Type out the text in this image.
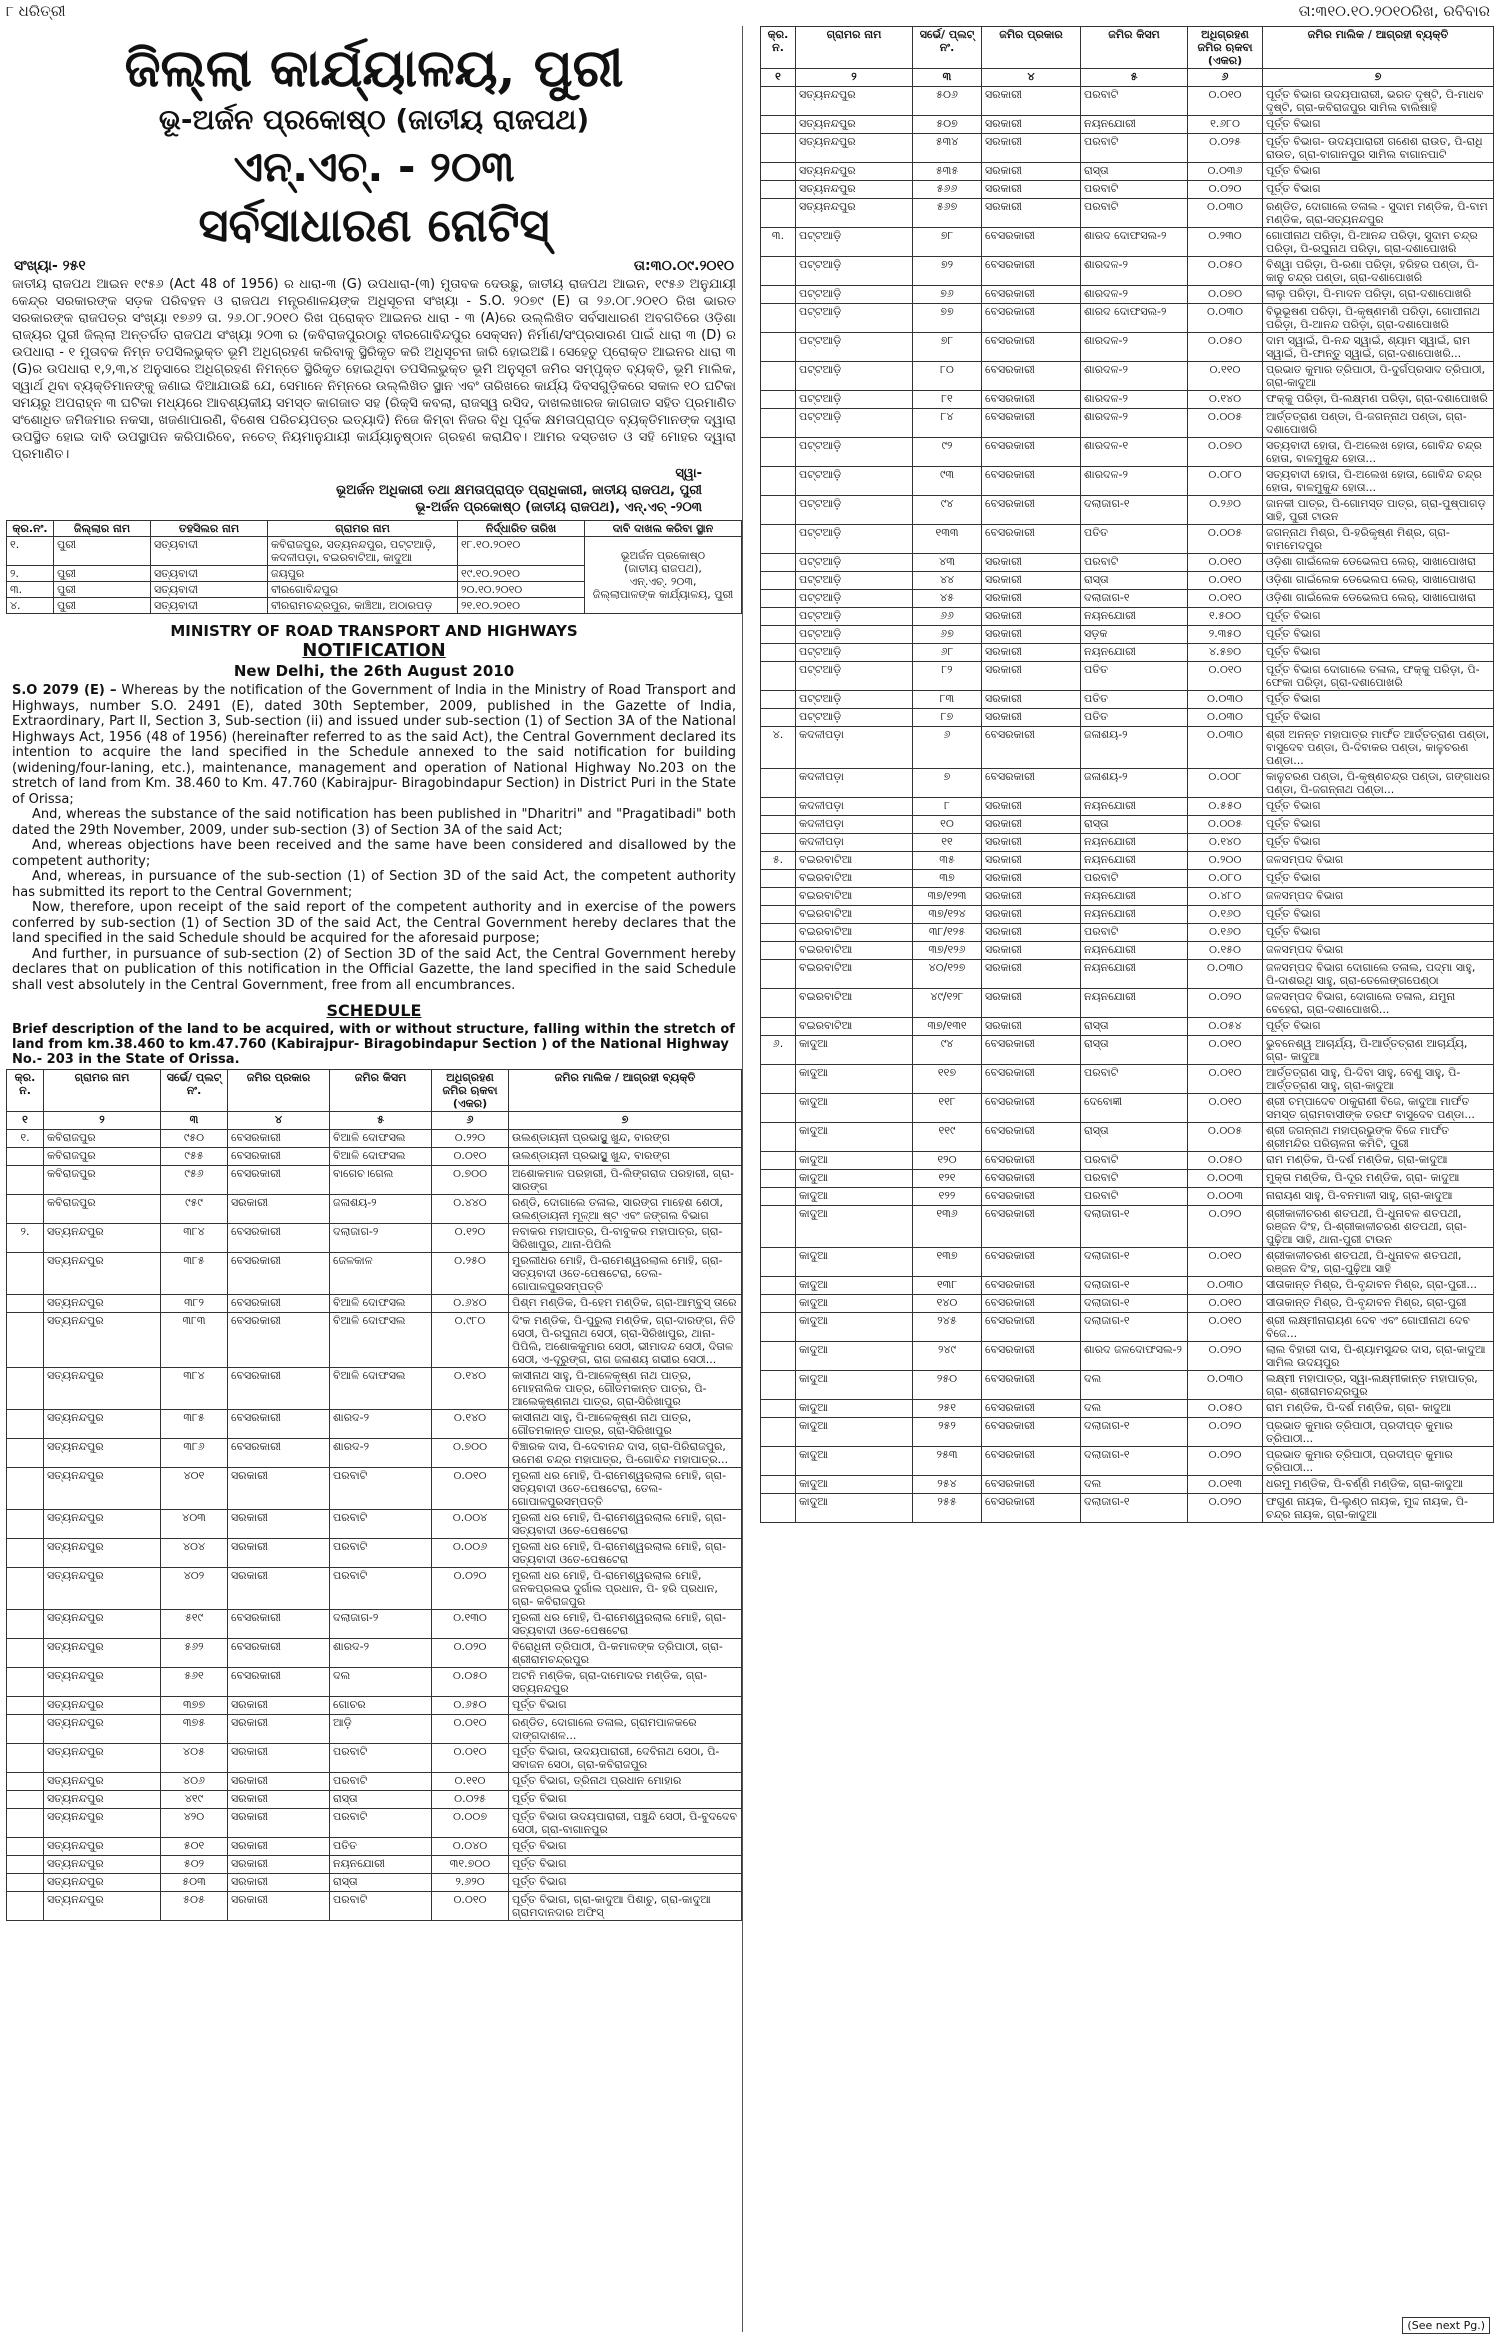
୮ ଧରିତ୍ରୀ	ତା:୩୧୦.୧୦.୨୦୧୦ରିଖ, ରବିବାର
ଜିଲ୍ଲା କାର୍ଯ୍ୟାଳୟ, ପୁରୀ
ଭୂ-ଅର୍ଜନ ପ୍ରକୋଷ୍ଠ (ଜାତୀୟ ରାଜପଥ)
ଏନ୍.ଏଚ୍. - ୨୦୩
ସର୍ବସାଧାରଣ ନୋଟିସ୍
ସଂଖ୍ୟା- ୨୫୧	ତା:୩୦.୦୯.୨୦୧୦
ଜାତୀୟ ରାଜପଥ ଆଇନ ୧୯୫୬ (Act 48 of 1956) ର ଧାରା-୩ (G) ଉପଧାରା-(୩) ମୁତାବକ ଦେଉଛୁ, ଜାତୀୟ ରାଜପଥ ଆଇନ, ୧୯୫୬ ଅନୁଯାୟୀ କେନ୍ଦ୍ର ସରକାରଙ୍କ ସଡ଼କ ପରିବହନ ଓ ରାଜପଥ ମନ୍ତ୍ରଣାଳୟଙ୍କ ଅଧିସୂଚନା ସଂଖ୍ୟା - S.O. ୨୦୭୯ (E) ତା ୨୬.୦୮.୨୦୧୦ ରିଖ ଭାରତ ସରକାରଙ୍କ ରାଜପତ୍ର ସଂଖ୍ୟା ୧୭୬୨ ତା. ୨୬.୦୮.୨୦୧୦ ରିଖ ପ୍ରୋକ୍ତ ଆଇନର ଧାରା - ୩ (A)ରେ ଉଲ୍ଲିଖିତ ସର୍ବସାଧାରଣ ଅବଗତିରେ ଓଡ଼ିଶା ରାଜ୍ୟର ପୁରୀ ଜିଲ୍ଲା ଅନ୍ତର୍ଗତ ରାଜପଥ ସଂଖ୍ୟା ୨୦୩ ର (କବିରାଜପୁରଠାରୁ ବୀରଗୋବିନ୍ଦପୁର ସେକ୍ସନ) ନିର୍ମାଣ/ସଂପ୍ରସାରଣ ପାଇଁ ଧାରା ୩ (D) ର ଉପଧାରା - ୧ ମୁତାବକ ନିମ୍ନ ତପସିଲଭୁକ୍ତ ଭୂମି ଅଧିଗ୍ରହଣ କରିବାକୁ ସ୍ଥିରିକୃତ କରି ଅଧିସୂଚନା ଜାରି ହୋଇଅଛି। ସେହେତୁ ପ୍ରୋକ୍ତ ଆଇନର ଧାରା ୩ (G)ର ଉପଧାରା ୧,୨,୩,୪ ଅନୁସାରେ ଅଧିଗ୍ରହଣ ନିମନ୍ତେ ସ୍ଥିରିକୃତ ହୋଇଥିବା ତପସିଲଭୁକ୍ତ ଭୂମି ଅନୁସୂଚୀ ଜମିର ସମ୍ପୃକ୍ତ ବ୍ୟକ୍ତି, ଭୂମି ମାଲିକ, ସ୍ୱାର୍ଥ ଥିବା ବ୍ୟକ୍ତିମାନଙ୍କୁ ଜଣାଇ ଦିଆଯାଉଛି ଯେ, ସେମାନେ ନିମ୍ନରେ ଉଲ୍ଲିଖିତ ସ୍ଥାନ ଏବଂ ତାରିଖରେ କାର୍ଯ୍ୟ ଦିବସଗୁଡ଼ିକରେ ସକାଳ ୧୦ ଘଟିକା ସମୟରୁ ଅପରାହ୍ନ ୩ ଘଟିକା ମଧ୍ୟରେ ଆବଶ୍ୟକୀୟ ସମସ୍ତ କାଗଜାତ ସହ (ରିକ୍ସି କବଲା, ରାଜସ୍ୱ ରସିଦ, ଦାଖଲଖାରଜ କାଗଜାତ ସହିତ ପ୍ରମାଣିତ ସଂଶୋଧିତ ଜମିଜମାର ନକସା, ଖଜଣାପାରଣି, ବିଶେଷ ପରିଚୟପତ୍ର ଇତ୍ୟାଦି) ନିଜେ କିମ୍ବା ନିଜର ବିଧି ପୂର୍ବକ କ୍ଷମତାପ୍ରାପ୍ତ ବ୍ୟକ୍ତିମାନଙ୍କ ଦ୍ୱାରା ଉପସ୍ଥିତ ହୋଇ ଦାବି ଉପସ୍ଥାପନ କରିପାରିବେ, ନଚେତ୍ ନିୟମାନୁଯାୟୀ କାର୍ଯ୍ୟାନୁଷ୍ଠାନ ଗ୍ରହଣ କରାଯିବ। ଆମର ଦସ୍ତଖତ ଓ ସହି ମୋହର ଦ୍ୱାରା ପ୍ରମାଣିତ।
ସ୍ୱା-
ଭୂଅର୍ଜନ ଅଧିକାରୀ ତଥା କ୍ଷମତାପ୍ରାପ୍ତ ପ୍ରାଧିକାରୀ, ଜାତୀୟ ରାଜପଥ, ପୁରୀ
ଭୂ-ଅର୍ଜନ ପ୍ରକୋଷ୍ଠ (ଜାତୀୟ ରାଜପଥ), ଏନ୍.ଏଚ୍ -୨୦୩
କ୍ର.ନଂ.	ଜିଲ୍ଲାର ନାମ	ତହସିଲର ନାମ	ଗ୍ରାମର ନାମ	ନିର୍ଦ୍ଧାରିତ ତାରିଖ	ଦାବି ଦାଖଲ କରିବା ସ୍ଥାନ
୧.	ପୁରୀ	ସତ୍ୟବାଦୀ	କବିରାଜପୁର, ସତ୍ୟନନ୍ଦପୁର, ପଟ୍ଟଆଡ଼ି, କଦଳୀପଡ଼ା, ବଇରବାଟିଆ, କାଦୁଆ	୧୮.୧୦.୨୦୧୦	ଭୂଅର୍ଜନ ପ୍ରକୋଷ୍ଠ
(ଜାତୀୟ ରାଜପଥ),
ଏନ୍.ଏଚ୍. ୨୦୩,
ଜିଲ୍ଲାପାଳଙ୍କ କାର୍ଯ୍ୟାଳୟ, ପୁରୀ

୨.	ପୁରୀ	ସତ୍ୟବାଦୀ	ଜୟପୁର	୧୯.୧୦.୨୦୧୦	
୩.	ପୁରୀ	ସତ୍ୟବାଦୀ	ବୀରଗୋବିନ୍ଦପୁର	୨୦.୧୦.୨୦୧୦	
୪.	ପୁରୀ	ସତ୍ୟବାଦୀ	ବୀରରାମଚନ୍ଦ୍ରପୁର, କାଞ୍ଚିଆ, ଅଠାରପଡ଼	୨୧.୧୦.୨୦୧୦	
MINISTRY OF ROAD TRANSPORT AND HIGHWAYS
NOTIFICATION
New Delhi, the 26th August 2010

S.O 2079 (E) – Whereas by the notification of the Government of India in the Ministry of Road Transport and Highways, number S.O. 2491 (E), dated 30th September, 2009, published in the Gazette of India, Extraordinary, Part II, Section 3, Sub-section (ii) and issued under sub-section (1) of Section 3A of the National Highways Act, 1956 (48 of 1956) (hereinafter referred to as the said Act), the Central Government declared its intention to acquire the land specified in the Schedule annexed to the said notification for building (widening/four-laning, etc.), maintenance, management and operation of National Highway No.203 on the stretch of land from Km. 38.460 to Km. 47.760 (Kabirajpur- Biragobindapur Section) in District Puri in the State of Orissa;

And, whereas the substance of the said notification has been published in "Dharitri" and "Pragatibadi" both dated the 29th November, 2009, under sub-section (3) of Section 3A of the said Act;

And, whereas objections have been received and the same have been considered and disallowed by the competent authority;

And, whereas, in pursuance of the sub-section (1) of Section 3D of the said Act, the competent authority has submitted its report to the Central Government;

Now, therefore, upon receipt of the said report of the competent authority and in exercise of the powers conferred by sub-section (1) of Section 3D of the said Act, the Central Government hereby declares that the land specified in the said Schedule should be acquired for the aforesaid purpose;

And further, in pursuance of sub-section (2) of Section 3D of the said Act, the Central Government hereby declares that on publication of this notification in the Official Gazette, the land specified in the said Schedule shall vest absolutely in the Central Government, free from all encumbrances.

SCHEDULE
Brief description of the land to be acquired, with or without structure, falling within the stretch of land from km.38.460 to km.47.760 (Kabirajpur- Biragobindapur Section ) of the National Highway No.- 203 in the State of Orissa.
କ୍ର. ନ.	ଗ୍ରାମର ନାମ	ସର୍ଭେ/ ପ୍ଲଟ୍ ନଂ.	ଜମିର ପ୍ରକାର	ଜମିର କିସମ	ଅଧିଗ୍ରହଣ ଜମିର ଋକବା (ଏକର)	ଜମିର ମାଲିକ / ଆଗ୍ରହୀ ବ୍ୟକ୍ତି
୧	୨	୩	୪	୫	୬	୭
୧.	କବିରାଜପୁର	୯୫୦	ବେସରକାରୀ	ବିଆଳି ଦୋଫସଲ	୦.୨୨୦	ଉଲଣ୍ଡାୟନୀ ପ୍ରଭାସ୍ଥୁ ଖୁନ୍ଦ, ବାରଙ୍ଗ
	କବିରାଜପୁର	୯୫୫	ବେସରକାରୀ	ବିଆଳି ଦୋଫସଲ	୦.୦୧୦	ଉଲଣ୍ଡାୟନୀ ପ୍ରଭାସ୍ଥୁ ଖୁନ୍ଦ, ବାରଙ୍ଗ
	କବିରାଜପୁର	୯୫୬	ବେସରକାରୀ	ବାଗେଚ।ଗେଲ	୦.୭୦୦	ଅଶୋକମାଳ ପରହାରୀ, ପି-ଲିଙ୍ଗରାଜ ପରହାରୀ, ଗ୍ରା- ସାରଙ୍ଗ
	କବିରାଜପୁର	୯୫୯	ସରକାରୀ	ଜଳାଶୟ-୨	୦.୪୪୦	ରଣ୍ଡି, ଦୋଗାଲେ ତଳାଲ, ସାରଙ୍ଗ ମାହେଶ ଶେଠୀ, ଉଲଣ୍ଡାୟନୀ ମୂଳ୍ଆ ଷ୍ଟ ଏବଂ ଜଙ୍ଗଲ ବିଭାଗ
୨.	ସତ୍ୟନନ୍ଦପୁର	୩୮୪	ବେସରକାରୀ	ଦଲାଜାଗ-୨	୦.୧୨୦	ନବାକର ମହାପାତ୍ର, ପି-ବାବୁକର ମହାପାତ୍ର, ଗ୍ରା-ସିରିଖାପୁର, ଥାନା-ପିପିଲି
	ସତ୍ୟନନ୍ଦପୁର	୩୮୫	ବେସରକାରୀ	ଜେଳକାଳ	୦.୨୫୦	ମୁରଲୀଧର ମୋହି, ପି-ରାମେଶ୍ୱରଲାଲ ମୋହି, ଗ୍ରା- ସତ୍ୟବାଦୀ ଓତେ-ପେଷଟେରା, ତେଲ-ଗୋପାଳପୁରସମ୍ପତ୍ତି
	ସତ୍ୟନନ୍ଦପୁର	୩୮୨	ବେସରକାରୀ	ବିଆଳି ଦୋଫସଲ	୦.୬୪୦	ପିଶ୍ମ ମଣ୍ଡିକ, ପି-ହେମ ମଣ୍ଡିକ, ଗ୍ରା-ଆମ୍ବୁସ୍ ତାରେ
	ସତ୍ୟନନ୍ଦପୁର	୩୮୩	ବେସରକାରୀ	ବିଆଳି ଦୋଫସଲ	୦.୯୮୦	ଦିଂକ ମଣ୍ଡିକ, ପି-ପୁରୁଲା ମଣ୍ଡିକ, ଗ୍ରା-ଦାରଙ୍ଗ, ନିତି ସେଠୀ, ପି-ରଘୁନାଥ ସେଠୀ, ଗ୍ରା-ସିରିଖାପୁର, ଥାନା-ପିପିଲି, ଅଶୋକକୁମାର ସେଠୀ, ଭୀମାଦନ୍ଦ ସେଠୀ, ଦିତାଳ ସେଠୀ, ଏ-ଦୂରୁଙ୍ଗ, ରାଗ ଜଳାଶୟ ଗଭୀର ସେଠୀ...
	ସତ୍ୟନନ୍ଦପୁର	୩୮୪	ବେସରକାରୀ	ବିଆଳି ଦୋଫସଲ	୦.୧୪୦	କାସୀନାଥ ସାହୁ, ପି-ଆଳେକୃଷ୍ଣ ନାଥ ପାତ୍ର, ମୋହନାଲିକ ପାତ୍ର, ଗୌତମକାନ୍ତ ପାତ୍ର, ପି-ଆଲେକୃଷ୍ଣନାଥ ପାତ୍ର, ଗ୍ରା-ସିରିଖାପୁର
	ସତ୍ୟନନ୍ଦପୁର	୩୮୫	ବେସରକାରୀ	ଶାରଦ-୨	୦.୧୪୦	କାସୀନାଥ ସାହୁ, ପି-ଆଳେକୃଷ୍ଣ ନାଥ ପାତ୍ର, ଗୌତମକାନ୍ତ ପାତ୍ର, ଗ୍ରା-ସିରିଖାପୁର
	ସତ୍ୟନନ୍ଦପୁର	୩୮୬	ବେସରକାରୀ	ଶାରଦ-୨	୦.୭୦୦	ବିଞ୍ଚାରକ ଦାସ, ପି-ଦେବାନନ୍ଦ ଦାସ, ଗ୍ରା-ପିରିରାଜପୁର, ଉମେଶ ଚନ୍ଦ୍ର ମହାପାତ୍ର, ପି-ଗୋବିନ୍ଦ ମହାପାତ୍ର...
	ସତ୍ୟନନ୍ଦପୁର	୪୦୧	ସରକାରୀ	ପରବାଟି	୦.୦୧୦	ମୁରଲୀ ଧର ମୋହି, ପି-ରାମେଶ୍ୱରଲାଲ ମୋହି, ଗ୍ରା- ସତ୍ୟବାଦୀ ଓତେ-ପେଷଟେରା, ତେଲ-ଗୋପାଳପୁରସମ୍ପତ୍ତି
	ସତ୍ୟନନ୍ଦପୁର	୪୦୩	ସରକାରୀ	ପରବାଟି	୦.୦୦୪	ମୁରଲୀ ଧର ମୋହି, ପି-ରାମେଶ୍ୱରଲାଲ ମୋହି, ଗ୍ରା- ସତ୍ୟବାଦୀ ଓତେ-ପେଷଟେରା
	ସତ୍ୟନନ୍ଦପୁର	୪୦୪	ସରକାରୀ	ପରବାଟି	୦.୦୦୬	ମୁରଲୀ ଧର ମୋହି, ପି-ରାମେଶ୍ୱରଲାଲ ମୋହି, ଗ୍ରା- ସତ୍ୟବାଦୀ ଓତେ-ପେଷଟେରା
	ସତ୍ୟନନ୍ଦପୁର	୪୦୨	ସରକାରୀ	ପରବାଟି	୦.୦୨୦	ମୁରଲୀ ଧର ମୋହି, ପି-ରାମେଶ୍ୱରଲାଲ ମୋହି, ଜନକପ୍ରଲଭ ଦୁର୍ଗାଲ ପ୍ରଧାନ, ପି- ହରି ପ୍ରଧାନ, ଗ୍ରା- କବିରାଜପୁର
	ସତ୍ୟନନ୍ଦପୁର	୫୧୯	ବେସରକାରୀ	ଦଲାଜାଗ-୨	୦.୧୩୦	ମୁରଲୀ ଧର ମୋହି, ପି-ରାମେଶ୍ୱରଲାଲ ମୋହି, ଗ୍ରା- ସତ୍ୟବାଦୀ ଓତେ-ପେଷଟେରା
	ସତ୍ୟନନ୍ଦପୁର	୫୬୨	ବେସରକାରୀ	ଶାରଦ-୨	୦.୦୨୦	ବିରୋଧିନୀ ତ୍ରିପାଠୀ, ପି-କମାଳଙ୍କ ତ୍ରିପାଠୀ, ଗ୍ରା- ଶ୍ରୀରାମଚନ୍ଦ୍ରପୁର
	ସତ୍ୟନନ୍ଦପୁର	୫୬୧	ବେସରକାରୀ	ଦଲ	୦.୦୫୦	ଅଟନି ମଣ୍ଡିକ, ଗ୍ରା-ଦାମୋଦର ମଣ୍ଡିକ, ଗ୍ରା- ସତ୍ୟନନ୍ଦପୁର
	ସତ୍ୟନନ୍ଦପୁର	୩୭୭	ସରକାରୀ	ଗୋଚର	୦.୬୫୦	ପୂର୍ତ୍ତ ବିଭାଗ
	ସତ୍ୟନନ୍ଦପୁର	୩୭୫	ସରକାରୀ	ଆଡ଼ି	୦.୦୧୦	ରଣ୍ଡିତ, ଦୋଗାଲେ ତଳାଲ, ଗ୍ରାମପାଳକରେ ଦାଙ୍ଗଦାଶଳ...
	ସତ୍ୟନନ୍ଦପୁର	୪୦୫	ସରକାରୀ	ପରବାଟି	୦.୦୧୦	ପୂର୍ତ୍ତ ବିଭାଗ, ଉଦୟପାରାରୀ, ଦେବିନାଥ ସେଠା, ପି-ସବାଜନ ସେଠା, ଗ୍ରା-କବିରାଜପୁର
	ସତ୍ୟନନ୍ଦପୁର	୪୦୬	ସରକାରୀ	ପରବାଟି	୦.୧୧୦	ପୂର୍ତ୍ତ ବିଭାଗ, ତ୍ରିନାଥ ପ୍ରଧାନ ମୋହାର
	ସତ୍ୟନନ୍ଦପୁର	୪୧୯	ସରକାରୀ	ରାସ୍ତା	୦.୦୨୫	ପୂର୍ତ୍ତ ବିଭାଗ
	ସତ୍ୟନନ୍ଦପୁର	୪୨୦	ସରକାରୀ	ପରବାଟି	୦.୦୦୭	ପୂର୍ତ୍ତ ବିଭାଗ ଉଦୟପାରାରୀ, ପଞ୍ଚୁନ୍ଦି ସେଠୀ, ପି-ବୁଦଦେବ ସେଠୀ, ଗ୍ରା-ବାଗାନପୁର
	ସତ୍ୟନନ୍ଦପୁର	୫୦୧	ସରକାରୀ	ପତିତ	୦.୦୪୦	ପୂର୍ତ୍ତ ବିଭାଗ
	ସତ୍ୟନନ୍ଦପୁର	୫୦୨	ସରକାରୀ	ନୟନଯୋରୀ	୩୧.୭୦୦	ପୂର୍ତ୍ତ ବିଭାଗ
	ସତ୍ୟନନ୍ଦପୁର	୫୦୩	ସରକାରୀ	ରାସ୍ତା	୨.୬୨୦	ପୂର୍ତ୍ତ ବିଭାଗ
	ସତ୍ୟନନ୍ଦପୁର	୫୦୫	ସରକାରୀ	ପରବାଟି	୦.୦୧୦	ପୂର୍ତ୍ତ ବିଭାଗ, ଗ୍ରା-କାଦୁଆ ପିଶାଚୁ, ଗ୍ରା-କାଦୁଆ ଗ୍ରାମଦାନଦାର ଅଫିସ୍
କ୍ର. ନ.	ଗ୍ରାମର ନାମ	ସର୍ଭେ/ ପ୍ଲଟ୍ ନଂ.	ଜମିର ପ୍ରକାର	ଜମିର କିସମ	ଅଧିଗ୍ରହଣ ଜମିର ଋକବା (ଏକର)	ଜମିର ମାଲିକ / ଆଗ୍ରହୀ ବ୍ୟକ୍ତି
୧	୨	୩	୪	୫	୬	୭
	ସତ୍ୟନନ୍ଦପୁର	୫୦୬	ସରକାରୀ	ପରବାଟି	୦.୦୧୦	ପୂର୍ତ୍ତ ବିଭାଗ ଉଦୟପାରାରୀ, ଭରତ ଦୃଷ୍ଟି, ପି-ମାଧବ ଦୃଷ୍ଟି, ଗ୍ରା-କବିରାଜପୁର ସାମିଲ ବାଲିଷାହି
	ସତ୍ୟନନ୍ଦପୁର	୫୦୭	ସରକାରୀ	ନୟନଯୋରୀ	୧.୬୮୦	ପୂର୍ତ୍ତ ବିଭାଗ
	ସତ୍ୟନନ୍ଦପୁର	୫୩୪	ସରକାରୀ	ପରବାଟି	୦.୦୨୫	ପୂର୍ତ୍ତ ବିଭାଗ- ଉଦୟପାରାରୀ ଗଣେଶ ରାଉତ, ପି-ରାଧି ରାଉତ, ଗ୍ରା-ବାଗାନପୁର ସାମିଲ ବାଗାନପାଟି
	ସତ୍ୟନନ୍ଦପୁର	୫୩୫	ସରକାରୀ	ରାସ୍ତା	୦.୦୩୬	ପୂର୍ତ୍ତ ବିଭାଗ
	ସତ୍ୟନନ୍ଦପୁର	୫୬୬	ସରକାରୀ	ପରବାଟି	୦.୦୨୦	ପୂର୍ତ୍ତ ବିଭାଗ
	ସତ୍ୟନନ୍ଦପୁର	୫୬୭	ସରକାରୀ	ପରବାଟି	୦.୦୩୦	ରଣ୍ଡିତ, ଦୋଗାଲେ ତଳାଲ - ସୁଦାମ ମଣ୍ଡିକ, ପି-ବାମ ମଣ୍ଡିକ, ଗ୍ରା-ସତ୍ୟନନ୍ଦପୁର
୩.	ପଟ୍ଟଆଡ଼ି	୭୮	ବେସରକାରୀ	ଶାରଦ ଦୋଫସଲ-୨	୦.୨୩୦	ଗୋପୀନାଥ ପରିଡ଼ା, ପି-ଆନନ୍ଦ ପରିଡ଼ା, ସୁଦାମ ଚନ୍ଦ୍ର ପରିଡ଼ା, ପି-ରଘୁନାଥ ପରିଡ଼ା, ଗ୍ରା-ଦଶାପୋଖରି
	ପଟ୍ଟଆଡ଼ି	୭୨	ବେସରକାରୀ	ଶାରଦଳ-୨	୦.୦୫୦	ବିଶ୍ୱା ପରିଡ଼ା, ପି-ରଣା ପରିଡ଼ା, ହରିହର ପଣ୍ଡା, ପି-କାନୁ ଚନ୍ଦ୍ର ପଣ୍ଡା, ଗ୍ରା-ଦଶାପୋଖରି
	ପଟ୍ଟଆଡ଼ି	୭୬	ବେସରକାରୀ	ଶାରଦଳ-୨	୦.୦୭୦	ଲାଲୁ ପରିଡ଼ା, ପି-ମାଦନ ପରିଡ଼ା, ଗ୍ରା-ଦଶାପୋଖରି
	ପଟ୍ଟଆଡ଼ି	୭୭	ବେସରକାରୀ	ଶାରଦ ଦୋଫସଲ-୨	୦.୦୩୦	ବିଭୂଭୂଷଣ ପରିଡ଼ା, ପି-କୃଷ୍ଣମଣି ପରିଡ଼ା, ଗୋପୀନାଥ ପରିଡ଼ା, ପି-ଆନନ୍ଦ ପରିଡ଼ା, ଗ୍ରା-ଦଶାପୋଖରି
	ପଟ୍ଟଆଡ଼ି	୭୮	ବେସରକାରୀ	ଶାରଦଳ-୨	୦.୦୫୦	ଦାମ ସ୍ୱାଇଁ, ପି-ନନ୍ଦ ସ୍ୱାଇଁ, ଶ୍ୟାମ ସ୍ୱାଇଁ, ରାମ ସ୍ୱାଇଁ, ପି-ଫାନ୍ତୁ ସ୍ୱାଇଁ, ଗ୍ରା-ଦଶାପୋଖରି...
	ପଟ୍ଟଆଡ଼ି	୮୦	ବେସରକାରୀ	ଶାରଦଳ-୨	୦.୧୧୦	ପ୍ରଭାତ କୁମାର ତ୍ରିପାଠୀ, ପି-ଦୁର୍ଗପ୍ରସାଦ ତ୍ରିପାଠୀ, ଗ୍ରା-କାଦୁଆ
	ପଟ୍ଟଆଡ଼ି	୮୧	ବେସରକାରୀ	ଶାରଦଳ-୨	୦.୧୪୦	ଫକ୍କୁ ପରିଡ଼ା, ପି-ଲକ୍ଷ୍ମଣ ପରିଡ଼ା, ଗ୍ରା-ଦଶାପୋଖରି
	ପଟ୍ଟଆଡ଼ି	୮୪	ବେସରକାରୀ	ଶାରଦଳ-୨	୦.୦୦୫	ଆର୍ତ୍ତତ୍ରାଣ ପଣ୍ଡା, ପି-ଜଗନ୍ନାଥ ପଣ୍ଡା, ଗ୍ରା-ଦଶାପୋଖରି
	ପଟ୍ଟଆଡ଼ି	୯୨	ବେସରକାରୀ	ଶାରଦଳ-୧	୦.୦୭୦	ସତ୍ୟବାଦୀ ହୋତା, ପି-ଅଲେଖ ହୋତା, ଗୋବିନ୍ଦ ଚନ୍ଦ୍ର ହୋତା, ବାଳମୁକୁନ୍ଦ ହୋତା...
	ପଟ୍ଟଆଡ଼ି	୯୩	ବେସରକାରୀ	ଶାରଦଳ-୨	୦.୦୮୦	ସତ୍ୟବାଦୀ ହୋତା, ପି-ଅଲେଖ ହୋତା, ଗୋବିନ୍ଦ ଚନ୍ଦ୍ର ହୋତା, ବାଳମୁକୁନ୍ଦ ହୋତା...
	ପଟ୍ଟଆଡ଼ି	୯୪	ବେସରକାରୀ	ଦଲାଜାଗ-୧	୦.୨୬୦	ଜାନକୀ ପାତ୍ର, ପି-ଗୋମସ୍ତ ପାତ୍ର, ଗ୍ରା-ପୁଷ୍ପାଗଡ଼ ସାହି, ପୁରୀ ଟାଉନ
	ପଟ୍ଟଆଡ଼ି	୧୩୩	ବେସରକାରୀ	ପତିତ	୦.୦୦୫	ଜଗନ୍ନାଥ ମିଶ୍ର, ପି-ହରିକୃଷ୍ଣ ମିଶ୍ର, ଗ୍ରା-ବାମମେଦପୁର
	ପଟ୍ଟଆଡ଼ି	୪୩	ସରକାରୀ	ପରବାଟି	୦.୦୧୦	ଓଡ଼ିଶା ଗାଇଁଲେକ ଡେଭେଲପ ଲେର୍, ସାଖାପୋଖରା
	ପଟ୍ଟଆଡ଼ି	୪୪	ସରକାରୀ	ରାସ୍ତା	୦.୦୧୦	ଓଡ଼ିଶା ଗାଇଁଲେକ ଡେଭେଲପ ଲେର୍, ସାଖାପୋଖରା
	ପଟ୍ଟଆଡ଼ି	୪୫	ସରକାରୀ	ଦଲାଜାଗ-୧	୦.୦୧୦	ଓଡ଼ିଶା ଗାଇଁଲେକ ଡେଭେଲପ ଲେର୍, ସାଖାପୋଖରା
	ପଟ୍ଟଆଡ଼ି	୬୬	ସରକାରୀ	ନୟନଯୋରୀ	୧.୫୦୦	ପୂର୍ତ୍ତ ବିଭାଗ
	ପଟ୍ଟଆଡ଼ି	୬୭	ସରକାରୀ	ସଡ଼କ	୨.୩୫୦	ପୂର୍ତ୍ତ ବିଭାଗ
	ପଟ୍ଟଆଡ଼ି	୬୮	ସରକାରୀ	ନୟନଯୋରୀ	୪.୫୭୦	ପୂର୍ତ୍ତ ବିଭାଗ
	ପଟ୍ଟଆଡ଼ି	୮୨	ସରକାରୀ	ପତିତ	୦.୦୧୦	ପୂର୍ତ୍ତ ବିଭାଗ ଦୋଗାଲେ ତଳାଲ, ଫକ୍କୁ ପରିଡ଼ା, ପି-ଫେକା ପରିଡ଼ା, ଗ୍ରା-ଦଶାପୋଖରି
	ପଟ୍ଟଆଡ଼ି	୮୩	ସରକାରୀ	ପତିତ	୦.୦୩୦	ପୂର୍ତ୍ତ ବିଭାଗ
	ପଟ୍ଟଆଡ଼ି	୮୭	ସରକାରୀ	ପତିତ	୦.୦୩୦	ପୂର୍ତ୍ତ ବିଭାଗ
୪.	କଦଳୀପଡ଼ା	୬	ବେସରକାରୀ	ଜଳାଶୟ-୨	୦.୦୩୦	ଶ୍ରୀ ଅନନ୍ତ ମହାପାତ୍ର ମାର୍ଫତ ଆର୍ତ୍ତତ୍ରାଣ ପଣ୍ଡା, ବାସୁଦେବ ପଣ୍ଡା, ପି-ଦିବାକର ପଣ୍ଡା, କାଳୁଚରଣ ପଣ୍ଡା...
	କଦଳୀପଡ଼ା	୭	ବେସରକାରୀ	ଜଳାଶୟ-୨	୦.୦୦୮	କାଳୁଚରଣ ପଣ୍ଡା, ପି-କୃଷ୍ଣଚନ୍ଦ୍ର ପଣ୍ଡା, ଗଙ୍ଗାଧର ପଣ୍ଡା, ପି-ଜଗନ୍ନାଥ ପଣ୍ଡା...
	କଦଳୀପଡ଼ା	୮	ସରକାରୀ	ନୟନଯୋରୀ	୦.୫୫୦	ପୂର୍ତ୍ତ ବିଭାଗ
	କଦଳୀପଡ଼ା	୧୦	ସରକାରୀ	ରାସ୍ତା	୦.୦୦୫	ପୂର୍ତ୍ତ ବିଭାଗ
	କଦଳୀପଡ଼ା	୧୧	ସରକାରୀ	ନୟନଯୋରୀ	୦.୧୪୦	ପୂର୍ତ୍ତ ବିଭାଗ
୫.	ବଇରବାଟିଆ	୩୫	ସରକାରୀ	ନୟନଯୋରୀ	୦.୨୦୦	ଜଳସମ୍ପଦ ବିଭାଗ
	ବଇରବାଟିଆ	୩୭	ସରକାରୀ	ପରବାଟି	୦.୦୮୦	ପୂର୍ତ୍ତ ବିଭାଗ
	ବଇରବାଟିଆ	୩୭/୧୨୩	ସରକାରୀ	ନୟନଯୋରୀ	୦.୪୮୦	ଜଳସମ୍ପଦ ବିଭାଗ
	ବଇରବାଟିଆ	୩୭/୧୨୪	ସରକାରୀ	ନୟନଯୋରୀ	୦.୧୬୦	ପୂର୍ତ୍ତ ବିଭାଗ
	ବଇରବାଟିଆ	୩୮/୧୨୫	ସରକାରୀ	ପରବାଟି	୦.୧୬୦	ପୂର୍ତ୍ତ ବିଭାଗ
	ବଇରବାଟିଆ	୩୭/୧୨୬	ସରକାରୀ	ନୟନଯୋରୀ	୦.୧୫୦	ଜଳସମ୍ପଦ ବିଭାଗ
	ବଇରବାଟିଆ	୪୦/୧୨୭	ସରକାରୀ	ନୟନଯୋରୀ	୦.୦୩୦	ଜଳସମ୍ପଦ ବିଭାଗ ଦୋଗାଲେ ତଳାଲ, ପଦ୍ମା ସାହୁ, ପି-ଦାଶରଥି ସାହୁ, ଗ୍ରା-ତେଲେଙ୍ଗପେଣ୍ଠା
	ବଇରବାଟିଆ	୪୯/୧୨୮	ସରକାରୀ	ନୟନଯୋରୀ	୦.୦୨୦	ଜଳସମ୍ପଦ ବିଭାଗ, ଦୋଗାଲେ ତଳାଲ, ଯମୁନା ବେହେରା, ଗ୍ରା-ଦଶାପୋଖରି...
	ବଇରବାଟିଆ	୩୭/୧୩୧	ସରକାରୀ	ରାସ୍ତା	୦.୦୫୪	ପୂର୍ତ୍ତ ବିଭାଗ
୬.	କାଦୁଆ	୯୪	ବେସରକାରୀ	ରାସ୍ତା	୦.୦୧୦	ଭୁବନେଶ୍ୱ ଆଚାର୍ଯ୍ୟ, ପି-ଆର୍ତ୍ତତ୍ରାଣ ଆଚାର୍ଯ୍ୟ, ଗ୍ରା- କାଦୁଆ
	କାଦୁଆ	୧୧୭	ବେସରକାରୀ	ପରବାଟି	୦.୦୧୦	ଆର୍ତ୍ତତ୍ରାଣ ସାହୁ, ପି-ଦିବା ସାହୁ, ବେଣୁ ସାହୁ, ପି-ଆର୍ତ୍ତତ୍ରାଣ ସାହୁ, ଗ୍ରା-କାଦୁଆ
	କାଦୁଆ	୧୧୮	ବେସରକାରୀ	ଦେବୋଜ୍ଞୀ	୦.୦୧୦	ଶ୍ରୀ ଚମ୍ପାଦେବ ଠାକୁରାଣୀ ବିଜେ, କାଦୁଆ ମାର୍ଫତ ସମସ୍ତ ଗ୍ରାମବାସୀଙ୍କ ତରଫ ବାସୁଦେବ ପଣ୍ଡା...
	କାଦୁଆ	୧୧୯	ବେସରକାରୀ	ରାସ୍ତା	୦.୦୦୫	ଶ୍ରୀ ଜଗନ୍ନାଥ ମହାପ୍ରଭୁଙ୍କ ବିଜେ ମାର୍ଫତ ଶ୍ରୀମନ୍ଦିର ପରିଚାଳନା କମିଟି, ପୁରୀ
	କାଦୁଆ	୧୨୦	ବେସରକାରୀ	ପରବାଟି	୦.୦୫୦	ରାମ ମଣ୍ଡିକ, ପି-ଦର୍ଶ ମଣ୍ଡିକ, ଗ୍ରା-କାଦୁଆ
	କାଦୁଆ	୧୨୧	ବେସରକାରୀ	ପରବାଟି	୦.୦୦୩	ମୁକ୍ତା ମଣ୍ଡିକ, ପି-ଦୂର ମଣ୍ଡିକ, ଗ୍ରା- କାଦୁଆ
	କାଦୁଆ	୧୨୨	ବେସରକାରୀ	ପରବାଟି	୦.୦୦୩	ନାରାୟଣ ସାହୁ, ପି-ବନମାଳୀ ସାହୁ, ଗ୍ରା-କାଦୁଆ
	କାଦୁଆ	୧୩୬	ବେସରକାରୀ	ଦଲାଜାଗ-୧	୦.୦୨୦	ଶ୍ରୀକାଳୀଚରଣ ଶତପଥୀ, ପି-ଧୁନାବଳ ଶତପଥୀ, ରଞ୍ଜନ ଦିଂହ, ପି-ଶ୍ରୀକାଳୀଚରଣ ଶତପଥୀ, ଗ୍ରା-ପୁଢ଼ିଆ ସାହି, ଥାନା-ପୁରୀ ଟାଉନ
	କାଦୁଆ	୧୩୭	ବେସରକାରୀ	ଦଲାଜାଗ-୧	୦.୦୧୦	ଶ୍ରୀକାଳୀଚରଣ ଶତପଥୀ, ପି-ଧୁନାବଳ ଶତପଥୀ, ରଞ୍ଜନ ଦିଂହ, ଗ୍ରା-ପୁଢ଼ିଆ ସାହି
	କାଦୁଆ	୧୩୮	ବେସରକାରୀ	ଦଲାଜାଗ-୧	୦.୦୩୦	ସୀତାକାନ୍ତ ମିଶ୍ର, ପି-ବୃନ୍ଦାବନ ମିଶ୍ର, ଗ୍ରା-ପୁରୀ...
	କାଦୁଆ	୧୪୦	ବେସରକାରୀ	ଦଲାଜାଗ-୧	୦.୦୧୦	ସୀତାକାନ୍ତ ମିଶ୍ର, ପି-ବୃନ୍ଦାବନ ମିଶ୍ର, ଗ୍ରା-ପୁରୀ
	କାଦୁଆ	୨୪୫	ବେସରକାରୀ	ଦଲାଜାଗ-୧	୦.୦୧୦	ଶ୍ରୀ ଲକ୍ଷ୍ମୀନାରାୟଣ ଦେବ ଏବଂ ଗୋପୀନାଥ ଦେବ ବିଜେ...
	କାଦୁଆ	୨୪୯	ବେସରକାରୀ	ଶାରଦ ଜଳଦୋଫସଲ-୨	୦.୦୨୦	ଲାଲ ବିହାରୀ ଦାସ, ପି-ଶ୍ୟାମସୁନ୍ଦର ଦାସ, ଗ୍ରା-କାଦୁଆ ସାମିଲ ଉଦୟପୁର
	କାଦୁଆ	୨୫୦	ବେସରକାରୀ	ଦଲ	୦.୦୩୦	ଲକ୍ଷ୍ମୀ ମହାପାତ୍ର, ସ୍ୱା-ଲକ୍ଷ୍ମୀକାନ୍ତ ମହାପାତ୍ର, ଗ୍ରା- ଶ୍ରୀରାମଚନ୍ଦ୍ରପୁର
	କାଦୁଆ	୨୫୧	ବେସରକାରୀ	ଦଲ	୦.୦୫୦	ରାମ ମଣ୍ଡିକ, ପି-ଦର୍ଶ ମଣ୍ଡିକ, ଗ୍ରା- କାଦୁଆ
	କାଦୁଆ	୨୫୨	ବେସରକାରୀ	ଦଲାଜାଗ-୧	୦.୦୨୦	ପ୍ରଭାତ କୁମାର ତ୍ରିପାଠୀ, ପ୍ରଦୀପ୍ତ କୁମାର ତ୍ରିପାଠୀ...
	କାଦୁଆ	୨୫୩	ବେସରକାରୀ	ଦଲାଜାଗ-୧	୦.୦୨୦	ପ୍ରଭାତ କୁମାର ତ୍ରିପାଠୀ, ପ୍ରଦୀପ୍ତ କୁମାର ତ୍ରିପାଠୀ...
	କାଦୁଆ	୨୫୪	ବେସରକାରୀ	ଦଲ	୦.୦୧୩	ଧରମୁ ମଣ୍ଡିକ, ପି-ବର୍ଣ୍ଣି ମଣ୍ଡିକ, ଗ୍ରା-କାଦୁଆ
	କାଦୁଆ	୨୫୫	ବେସରକାରୀ	ଦଲାଜାଗ-୧	୦.୦୨୦	ଫଗୁଣ ନାୟକ, ପି-ଲୁଣ୍ଠ ନାୟକ, ମୁଦ୍ଦ ନାୟକ, ପି-ଚନ୍ଦ୍ର ନାୟକ, ଗ୍ରା-କାଦୁଆ
(See next Pg.)
